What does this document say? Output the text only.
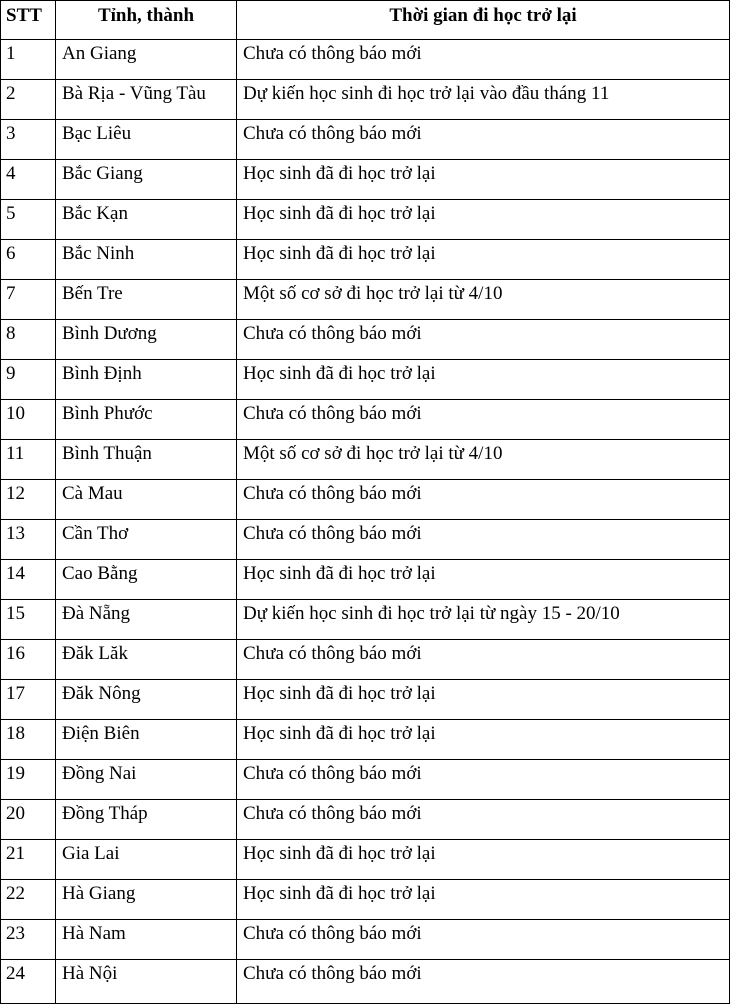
STT	Tỉnh, thành	Thời gian đi học trở lại
1	An Giang	Chưa có thông báo mới
2	Bà Rịa - Vũng Tàu	Dự kiến học sinh đi học trở lại vào đầu tháng 11
3	Bạc Liêu	Chưa có thông báo mới
4	Bắc Giang	Học sinh đã đi học trở lại
5	Bắc Kạn	Học sinh đã đi học trở lại
6	Bắc Ninh	Học sinh đã đi học trở lại
7	Bến Tre	Một số cơ sở đi học trở lại từ 4/10
8	Bình Dương	Chưa có thông báo mới
9	Bình Định	Học sinh đã đi học trở lại
10	Bình Phước	Chưa có thông báo mới
11	Bình Thuận	Một số cơ sở đi học trở lại từ 4/10
12	Cà Mau	Chưa có thông báo mới
13	Cần Thơ	Chưa có thông báo mới
14	Cao Bằng	Học sinh đã đi học trở lại
15	Đà Nẵng	Dự kiến học sinh đi học trở lại từ ngày 15 - 20/10
16	Đăk Lăk	Chưa có thông báo mới
17	Đăk Nông	Học sinh đã đi học trở lại
18	Điện Biên	Học sinh đã đi học trở lại
19	Đồng Nai	Chưa có thông báo mới
20	Đồng Tháp	Chưa có thông báo mới
21	Gia Lai	Học sinh đã đi học trở lại
22	Hà Giang	Học sinh đã đi học trở lại
23	Hà Nam	Chưa có thông báo mới
24	Hà Nội	Chưa có thông báo mới
